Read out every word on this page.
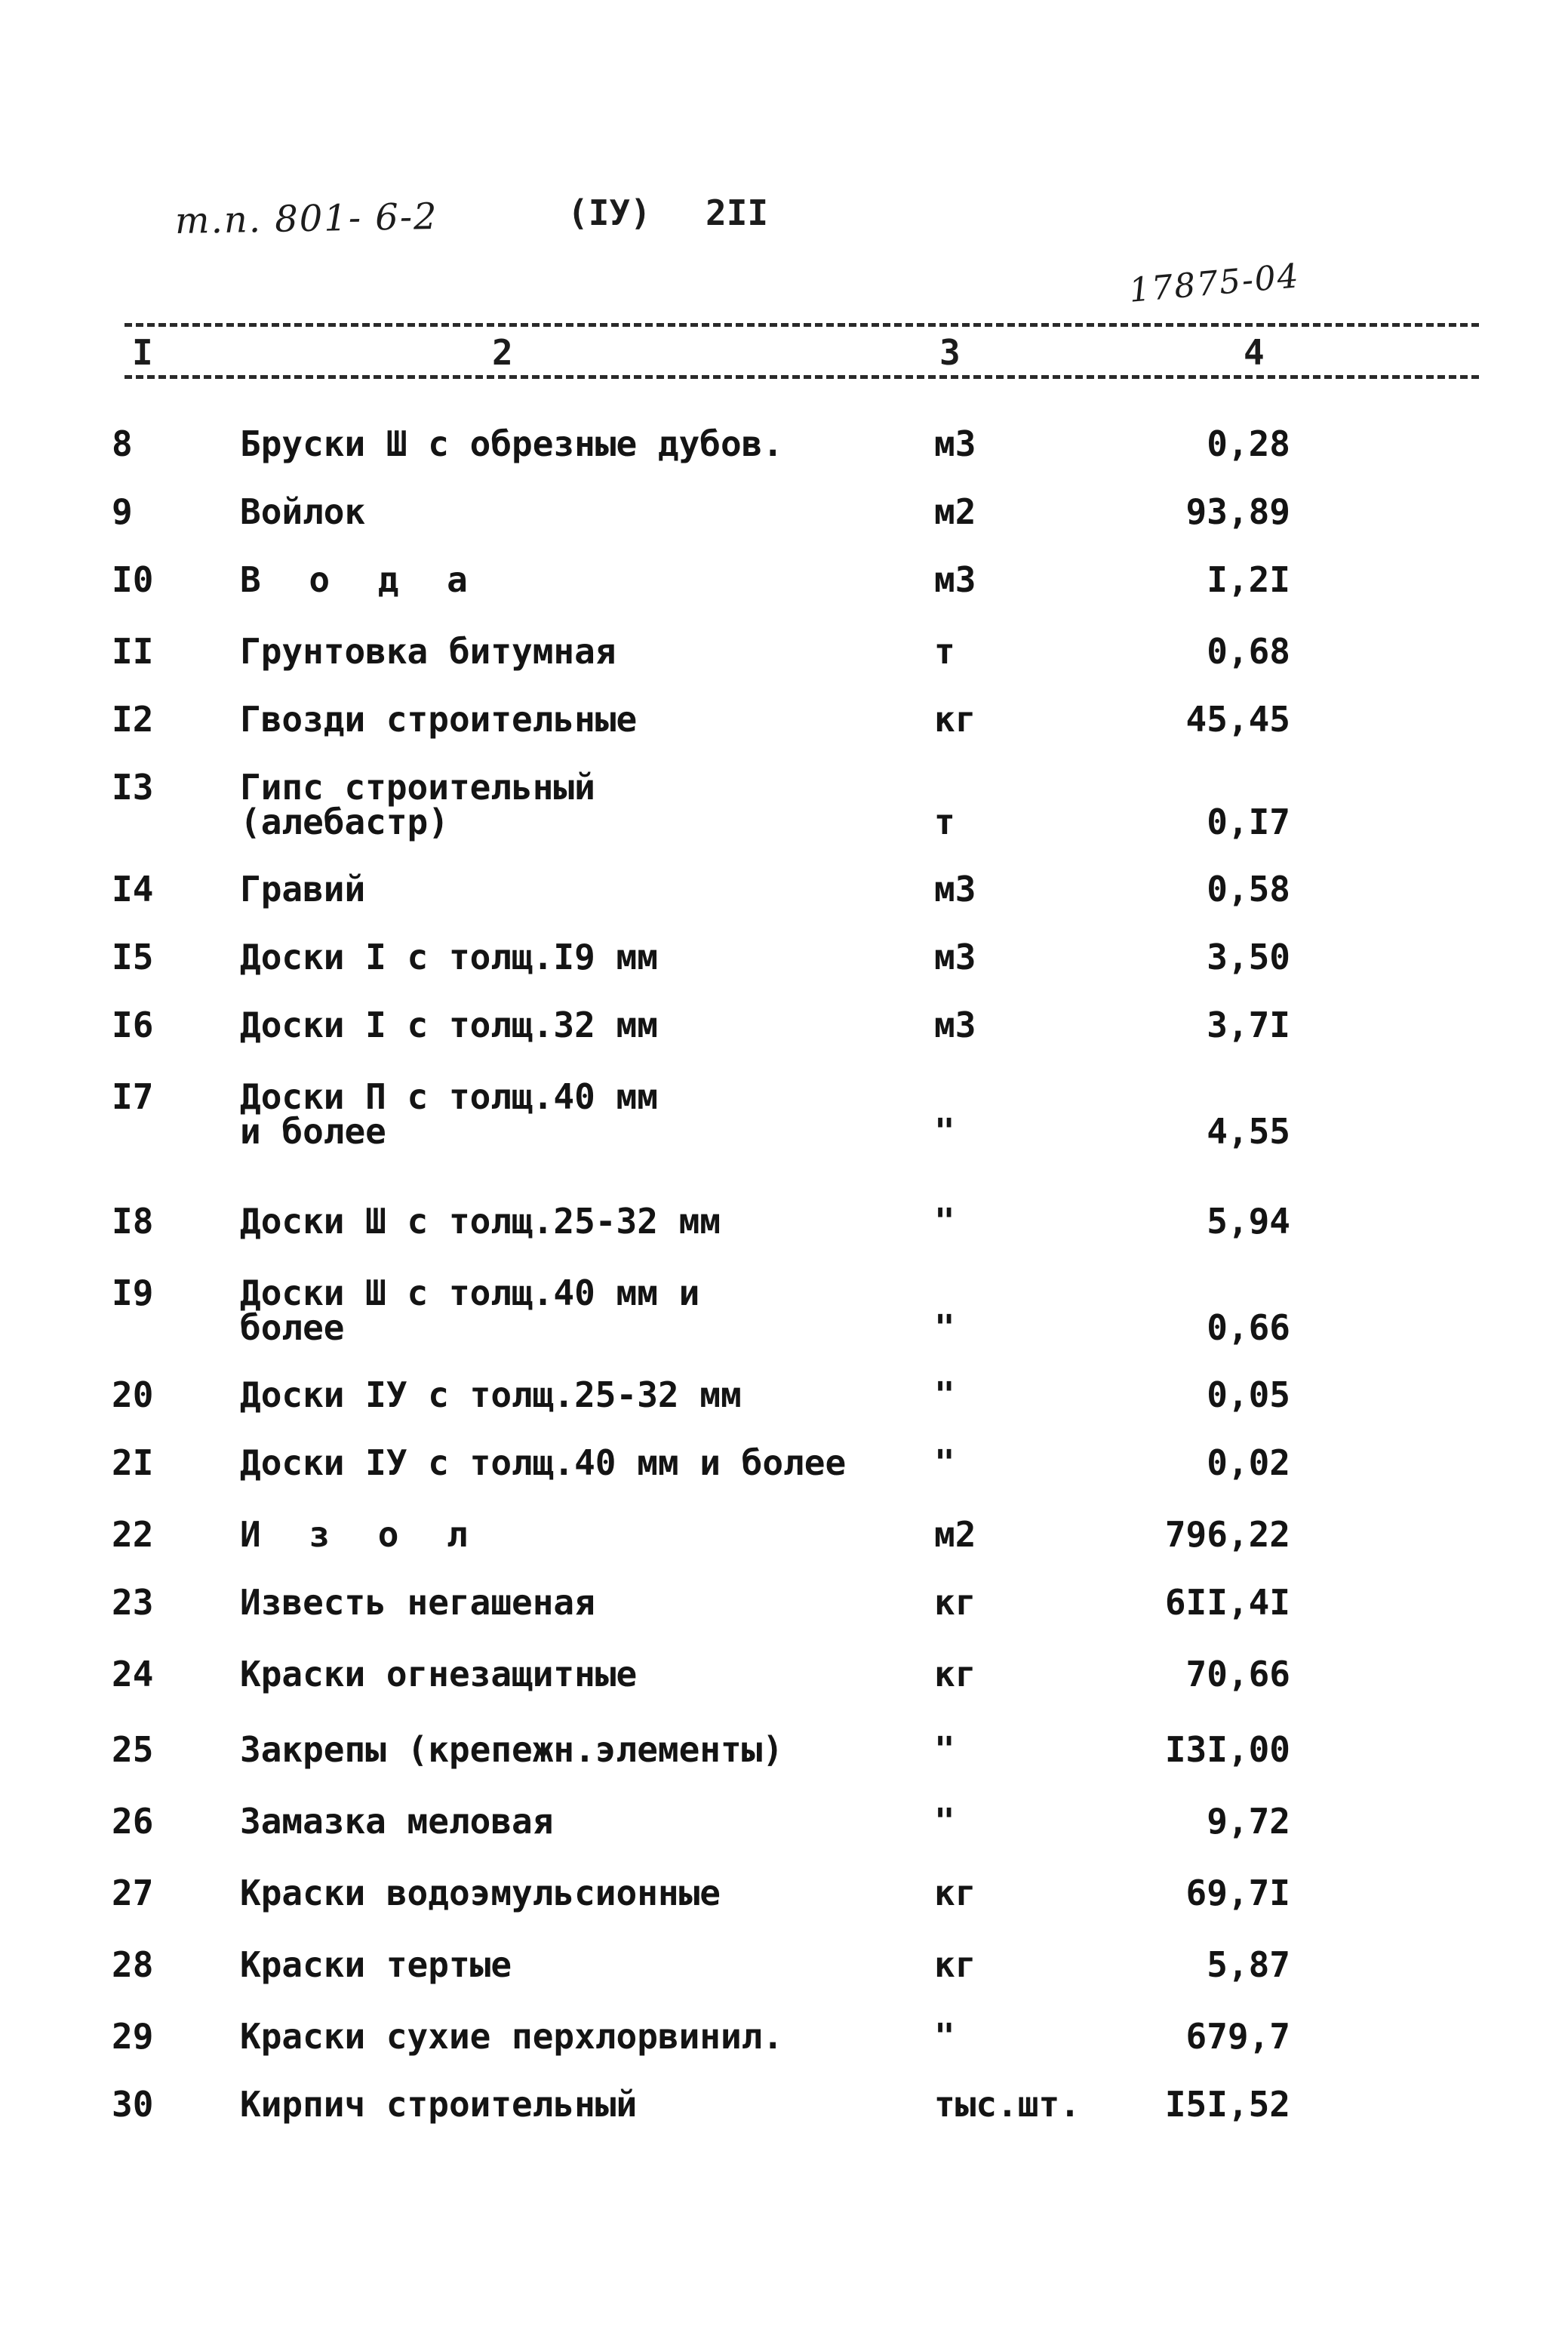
т.п. 801- 6-2	(IУ) 2II
17875-04
I	2	3	4
8	Бруски Ш с обрезные дубов.	м3	0,28
9	Войлок	м2	93,89
I0 В о д а	м3	I,2I
II Грунтовка битумная	т	0,68
I2 Гвозди строительные	кг	45,45
I3 Гипс строительный
(алебастр)	т	0,I7
I4 Гравий	м3	0,58
I5 Доски I с толщ.I9 мм	м3	3,50
I6 Доски I с толщ.32 мм	м3	3,7I
I7 Доски П с толщ.40 мм
и более	"	4,55
I8 Доски Ш с толщ.25-32 мм	"	5,94
I9 Доски Ш с толщ.40 мм и
более	"	0,66
20 Доски IУ с толщ.25-32 мм	"	0,05
2I Доски IУ с толщ.40 мм и более	"	0,02
22 И з о л	м2	796,22
23 Известь негашеная	кг	6II,4I
24 Краски огнезащитные	кг	70,66
25 Закрепы (крепежн.элементы)	"	I3I,00
26 Замазка меловая	"	9,72
27 Краски водоэмульсионные	кг	69,7I
28 Краски тертые	кг	5,87
29 Краски сухие перхлорвинил.	"	679,7
30 Кирпич строительный	тыс.шт. I5I,52
